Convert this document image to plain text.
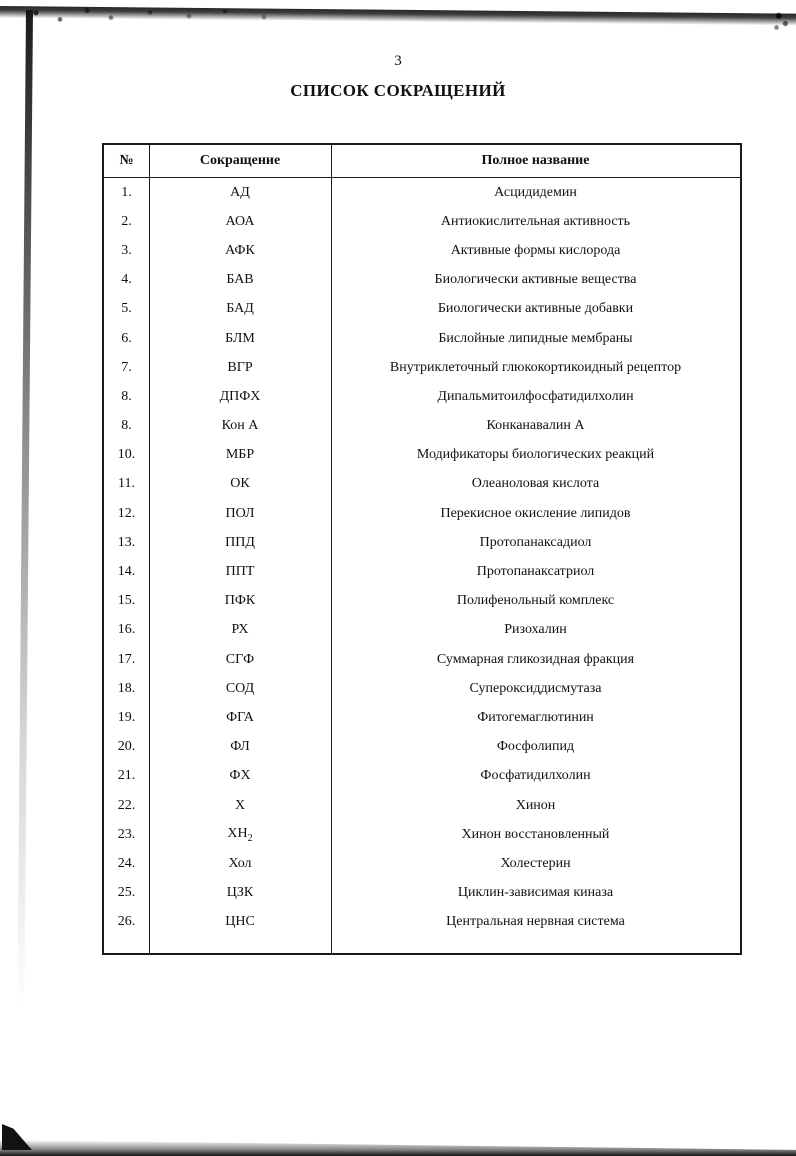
3
СПИСОК СОКРАЩЕНИЙ
№	Сокращение	Полное название
1.	АД	Асцидидемин
2.	АОА	Антиокислительная активность
3.	АФК	Активные формы кислорода
4.	БАВ	Биологически активные вещества
5.	БАД	Биологически активные добавки
6.	БЛМ	Бислойные липидные мембраны
7.	ВГР	Внутриклеточный глюкокортикоидный рецептор
8.	ДПФХ	Дипальмитоилфосфатидилхолин
8.	Кон А	Конканавалин А
10.	МБР	Модификаторы биологических реакций
11.	ОК	Олеаноловая кислота
12.	ПОЛ	Перекисное окисление липидов
13.	ППД	Протопанаксадиол
14.	ППТ	Протопанаксатриол
15.	ПФК	Полифенольный комплекс
16.	РХ	Ризохалин
17.	СГФ	Суммарная гликозидная фракция
18.	СОД	Супероксиддисмутаза
19.	ФГА	Фитогемаглютинин
20.	ФЛ	Фосфолипид
21.	ФХ	Фосфатидилхолин
22.	Х	Хинон
23.	$ХН_2$	Хинон восстановленный
24.	Хол	Холестерин
25.	ЦЗК	Циклин-зависимая киназа
26.	ЦНС	Центральная нервная система
